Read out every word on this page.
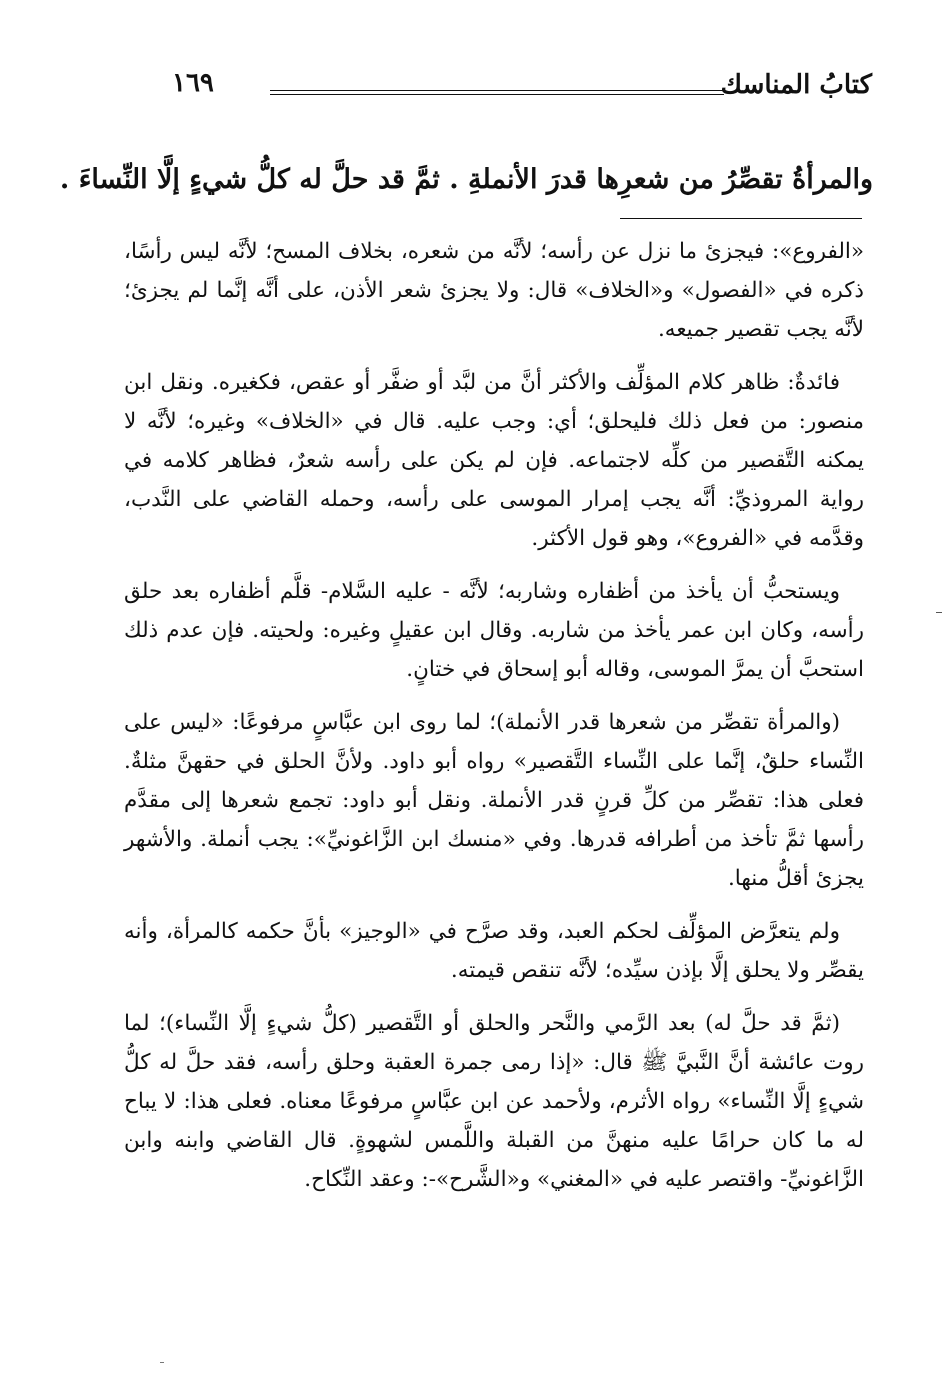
كتابُ المناسك
١٦٩
والمرأةُ تقصِّرُ من شعرِها قدرَ الأنملةِ . ثمَّ قد حلَّ له كلُّ شيءٍ إلَّا النِّساءَ .

«الفروع»: فيجزئ ما نزل عن رأسه؛ لأنَّه من شعره، بخلاف المسح؛ لأنَّه ليس رأسًا، ذكره في «الفصول» و«الخلاف» قال: ولا يجزئ شعر الأذن، على أنَّه إنَّما لم يجزئ؛ لأنَّه يجب تقصير جميعه.

فائدةٌ: ظاهر كلام المؤلِّف والأكثر أنَّ من لبَّد أو ضفَّر أو عقص، فكغيره. ونقل ابن منصور: من فعل ذلك فليحلق؛ أي: وجب عليه. قال في «الخلاف» وغيره؛ لأنَّه لا يمكنه التَّقصير من كلِّه لاجتماعه. فإن لم يكن على رأسه شعرٌ، فظاهر كلامه في رواية المروذيِّ: أنَّه يجب إمرار الموسى على رأسه، وحمله القاضي على النَّدب، وقدَّمه في «الفروع»، وهو قول الأكثر.

ويستحبُّ أن يأخذ من أظفاره وشاربه؛ لأنَّه - عليه السَّلام- قلَّم أظفاره بعد حلق رأسه، وكان ابن عمر يأخذ من شاربه. وقال ابن عقيلٍ وغيره: ولحيته. فإن عدم ذلك استحبَّ أن يمرَّ الموسى، وقاله أبو إسحاق في ختانٍ.

(والمرأة تقصِّر من شعرها قدر الأنملة)؛ لما روى ابن عبَّاسٍ مرفوعًا: «ليس على النِّساء حلقٌ، إنَّما على النِّساء التَّقصير» رواه أبو داود. ولأنَّ الحلق في حقهنَّ مثلةٌ. فعلى هذا: تقصِّر من كلِّ قرنٍ قدر الأنملة. ونقل أبو داود: تجمع شعرها إلى مقدَّم رأسها ثمَّ تأخذ من أطرافه قدرها. وفي «منسك ابن الزَّاغونيِّ»: يجب أنملة. والأشهر يجزئ أقلُّ منها.

ولم يتعرَّض المؤلِّف لحكم العبد، وقد صرَّح في «الوجيز» بأنَّ حكمه كالمرأة، وأنه يقصِّر ولا يحلق إلَّا بإذن سيِّده؛ لأنَّه تنقص قيمته.

(ثمَّ قد حلَّ له) بعد الرَّمي والنَّحر والحلق أو التَّقصير (كلُّ شيءٍ إلَّا النِّساء)؛ لما روت عائشة أنَّ النَّبيَّ ﷺ قال: «إذا رمى جمرة العقبة وحلق رأسه، فقد حلَّ له كلُّ شيءٍ إلَّا النِّساء» رواه الأثرم، ولأحمد عن ابن عبَّاسٍ مرفوعًا معناه. فعلى هذا: لا يباح له ما كان حرامًا عليه منهنَّ من القبلة واللَّمس لشهوةٍ. قال القاضي وابنه وابن الزَّاغونيِّ- واقتصر عليه في «المغني» و«الشَّرح»-: وعقد النِّكاح.
